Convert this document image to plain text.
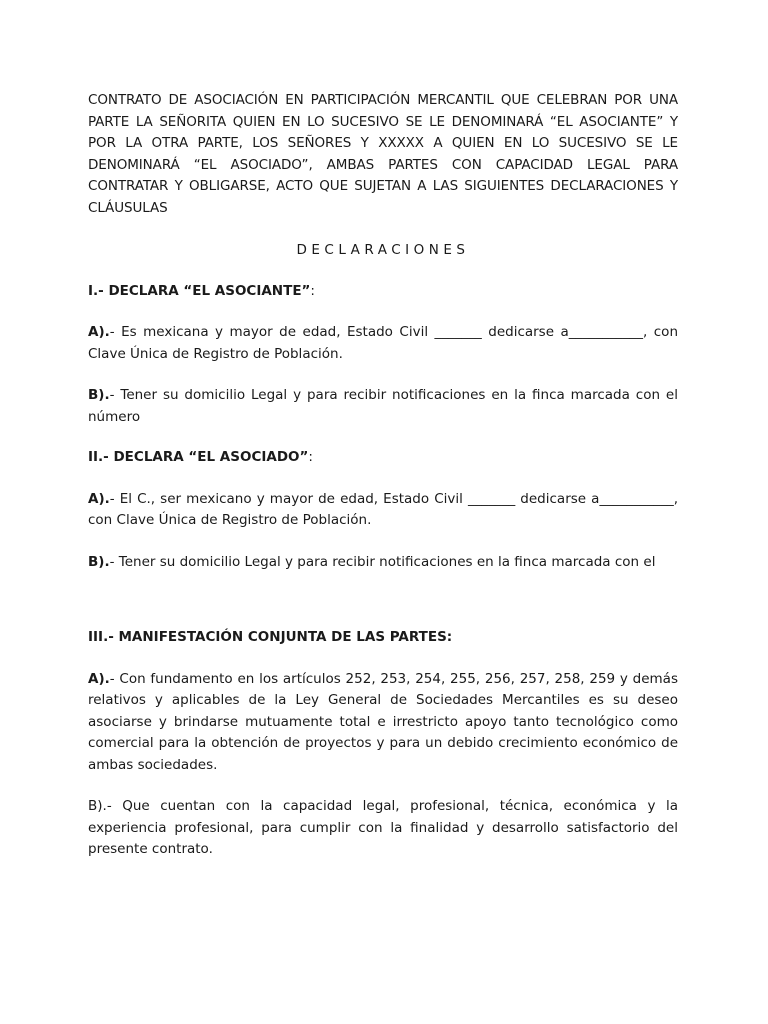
CONTRATO DE ASOCIACIÓN EN PARTICIPACIÓN MERCANTIL QUE CELEBRAN POR UNA PARTE LA SEÑORITA QUIEN EN LO SUCESIVO SE LE DENOMINARÁ “EL ASOCIANTE” Y POR LA OTRA PARTE, LOS SEÑORES Y XXXXX A QUIEN EN LO SUCESIVO SE LE DENOMINARÁ “EL ASOCIADO”, AMBAS PARTES CON CAPACIDAD LEGAL PARA CONTRATAR Y OBLIGARSE, ACTO QUE SUJETAN A LAS SIGUIENTES DECLARACIONES Y CLÁUSULAS

DECLARACIONES
I.- DECLARA “EL ASOCIANTE”:

A).- Es mexicana y mayor de edad, Estado Civil _______ dedicarse a___________, con Clave Única de Registro de Población.

B).- Tener su domicilio Legal y para recibir notificaciones en la finca marcada con el número

II.- DECLARA “EL ASOCIADO”:

A).- El C., ser mexicano y mayor de edad, Estado Civil _______ dedicarse a___________, con Clave Única de Registro de Población.

B).- Tener su domicilio Legal y para recibir notificaciones en la finca marcada con el

III.- MANIFESTACIÓN CONJUNTA DE LAS PARTES:

A).- Con fundamento en los artículos 252, 253, 254, 255, 256, 257, 258, 259 y demás relativos y aplicables de la Ley General de Sociedades Mercantiles es su deseo asociarse y brindarse mutuamente total e irrestricto apoyo tanto tecnológico como comercial para la obtención de proyectos y para un debido crecimiento económico de ambas sociedades.

B).- Que cuentan con la capacidad legal, profesional, técnica, económica y la experiencia profesional, para cumplir con la finalidad y desarrollo satisfactorio del presente contrato.
